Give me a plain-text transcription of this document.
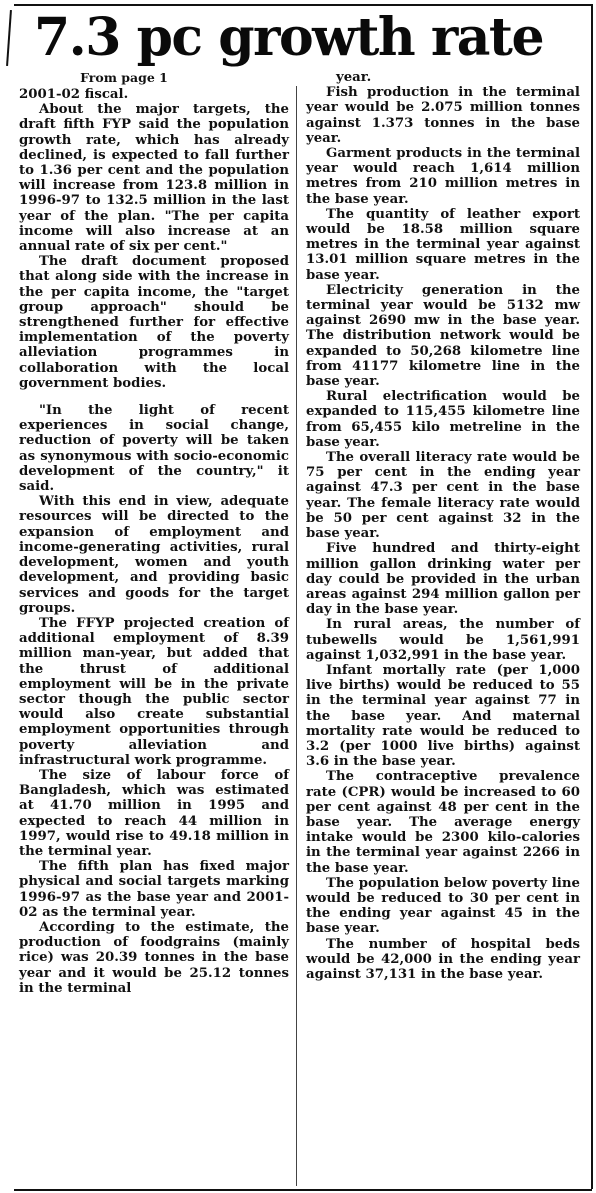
7.3 pc growth rate
From page 1

2001-02 fiscal.

About the major targets, the draft fifth FYP said the population growth rate, which has already declined, is expected to fall further to 1.36 per cent and the population will increase from 123.8 million in 1996-97 to 132.5 million in the last year of the plan. "The per capita income will also increase at an annual rate of six per cent."

The draft document proposed that along side with the increase in the per capita income, the "target group approach" should be strengthened further for effective implementation of the poverty alleviation programmes in collaboration with the local government bodies.

"In the light of recent experiences in social change, reduction of poverty will be taken as synonymous with socio-economic development of the country," it said.

With this end in view, adequate resources will be directed to the expansion of employment and income-generating activities, rural development, women and youth development, and providing basic services and goods for the target groups.

The FFYP projected creation of additional employment of 8.39 million man-year, but added that the thrust of additional employment will be in the private sector though the public sector would also create substantial employment opportunities through poverty alleviation and infrastructural work programme.

The size of labour force of Bangladesh, which was estimated at 41.70 million in 1995 and expected to reach 44 million in 1997, would rise to 49.18 million in the terminal year.

The fifth plan has fixed major physical and social targets marking 1996-97 as the base year and 2001-02 as the terminal year.

According to the estimate, the production of foodgrains (mainly rice) was 20.39 tonnes in the base year and it would be 25.12 tonnes in the terminal

year.

Fish production in the terminal year would be 2.075 million tonnes against 1.373 tonnes in the base year.

Garment products in the terminal year would reach 1,614 million metres from 210 million metres in the base year.

The quantity of leather export would be 18.58 million square metres in the terminal year against 13.01 million square metres in the base year.

Electricity generation in the terminal year would be 5132 mw against 2690 mw in the base year. The distribution network would be expanded to 50,268 kilometre line from 41177 kilometre line in the base year.

Rural electrification would be expanded to 115,455 kilometre line from 65,455 kilo metreline in the base year.

The overall literacy rate would be 75 per cent in the ending year against 47.3 per cent in the base year. The female literacy rate would be 50 per cent against 32 in the base year.

Five hundred and thirty-eight million gallon drinking water per day could be provided in the urban areas against 294 million gallon per day in the base year.

In rural areas, the number of tubewells would be 1,561,991 against 1,032,991 in the base year.

Infant mortally rate (per 1,000 live births) would be reduced to 55 in the terminal year against 77 in the base year. And maternal mortality rate would be reduced to 3.2 (per 1000 live births) against 3.6 in the base year.

The contraceptive prevalence rate (CPR) would be increased to 60 per cent against 48 per cent in the base year. The average energy intake would be 2300 kilo-calories in the terminal year against 2266 in the base year.

The population below poverty line would be reduced to 30 per cent in the ending year against 45 in the base year.

The number of hospital beds would be 42,000 in the ending year against 37,131 in the base year.
